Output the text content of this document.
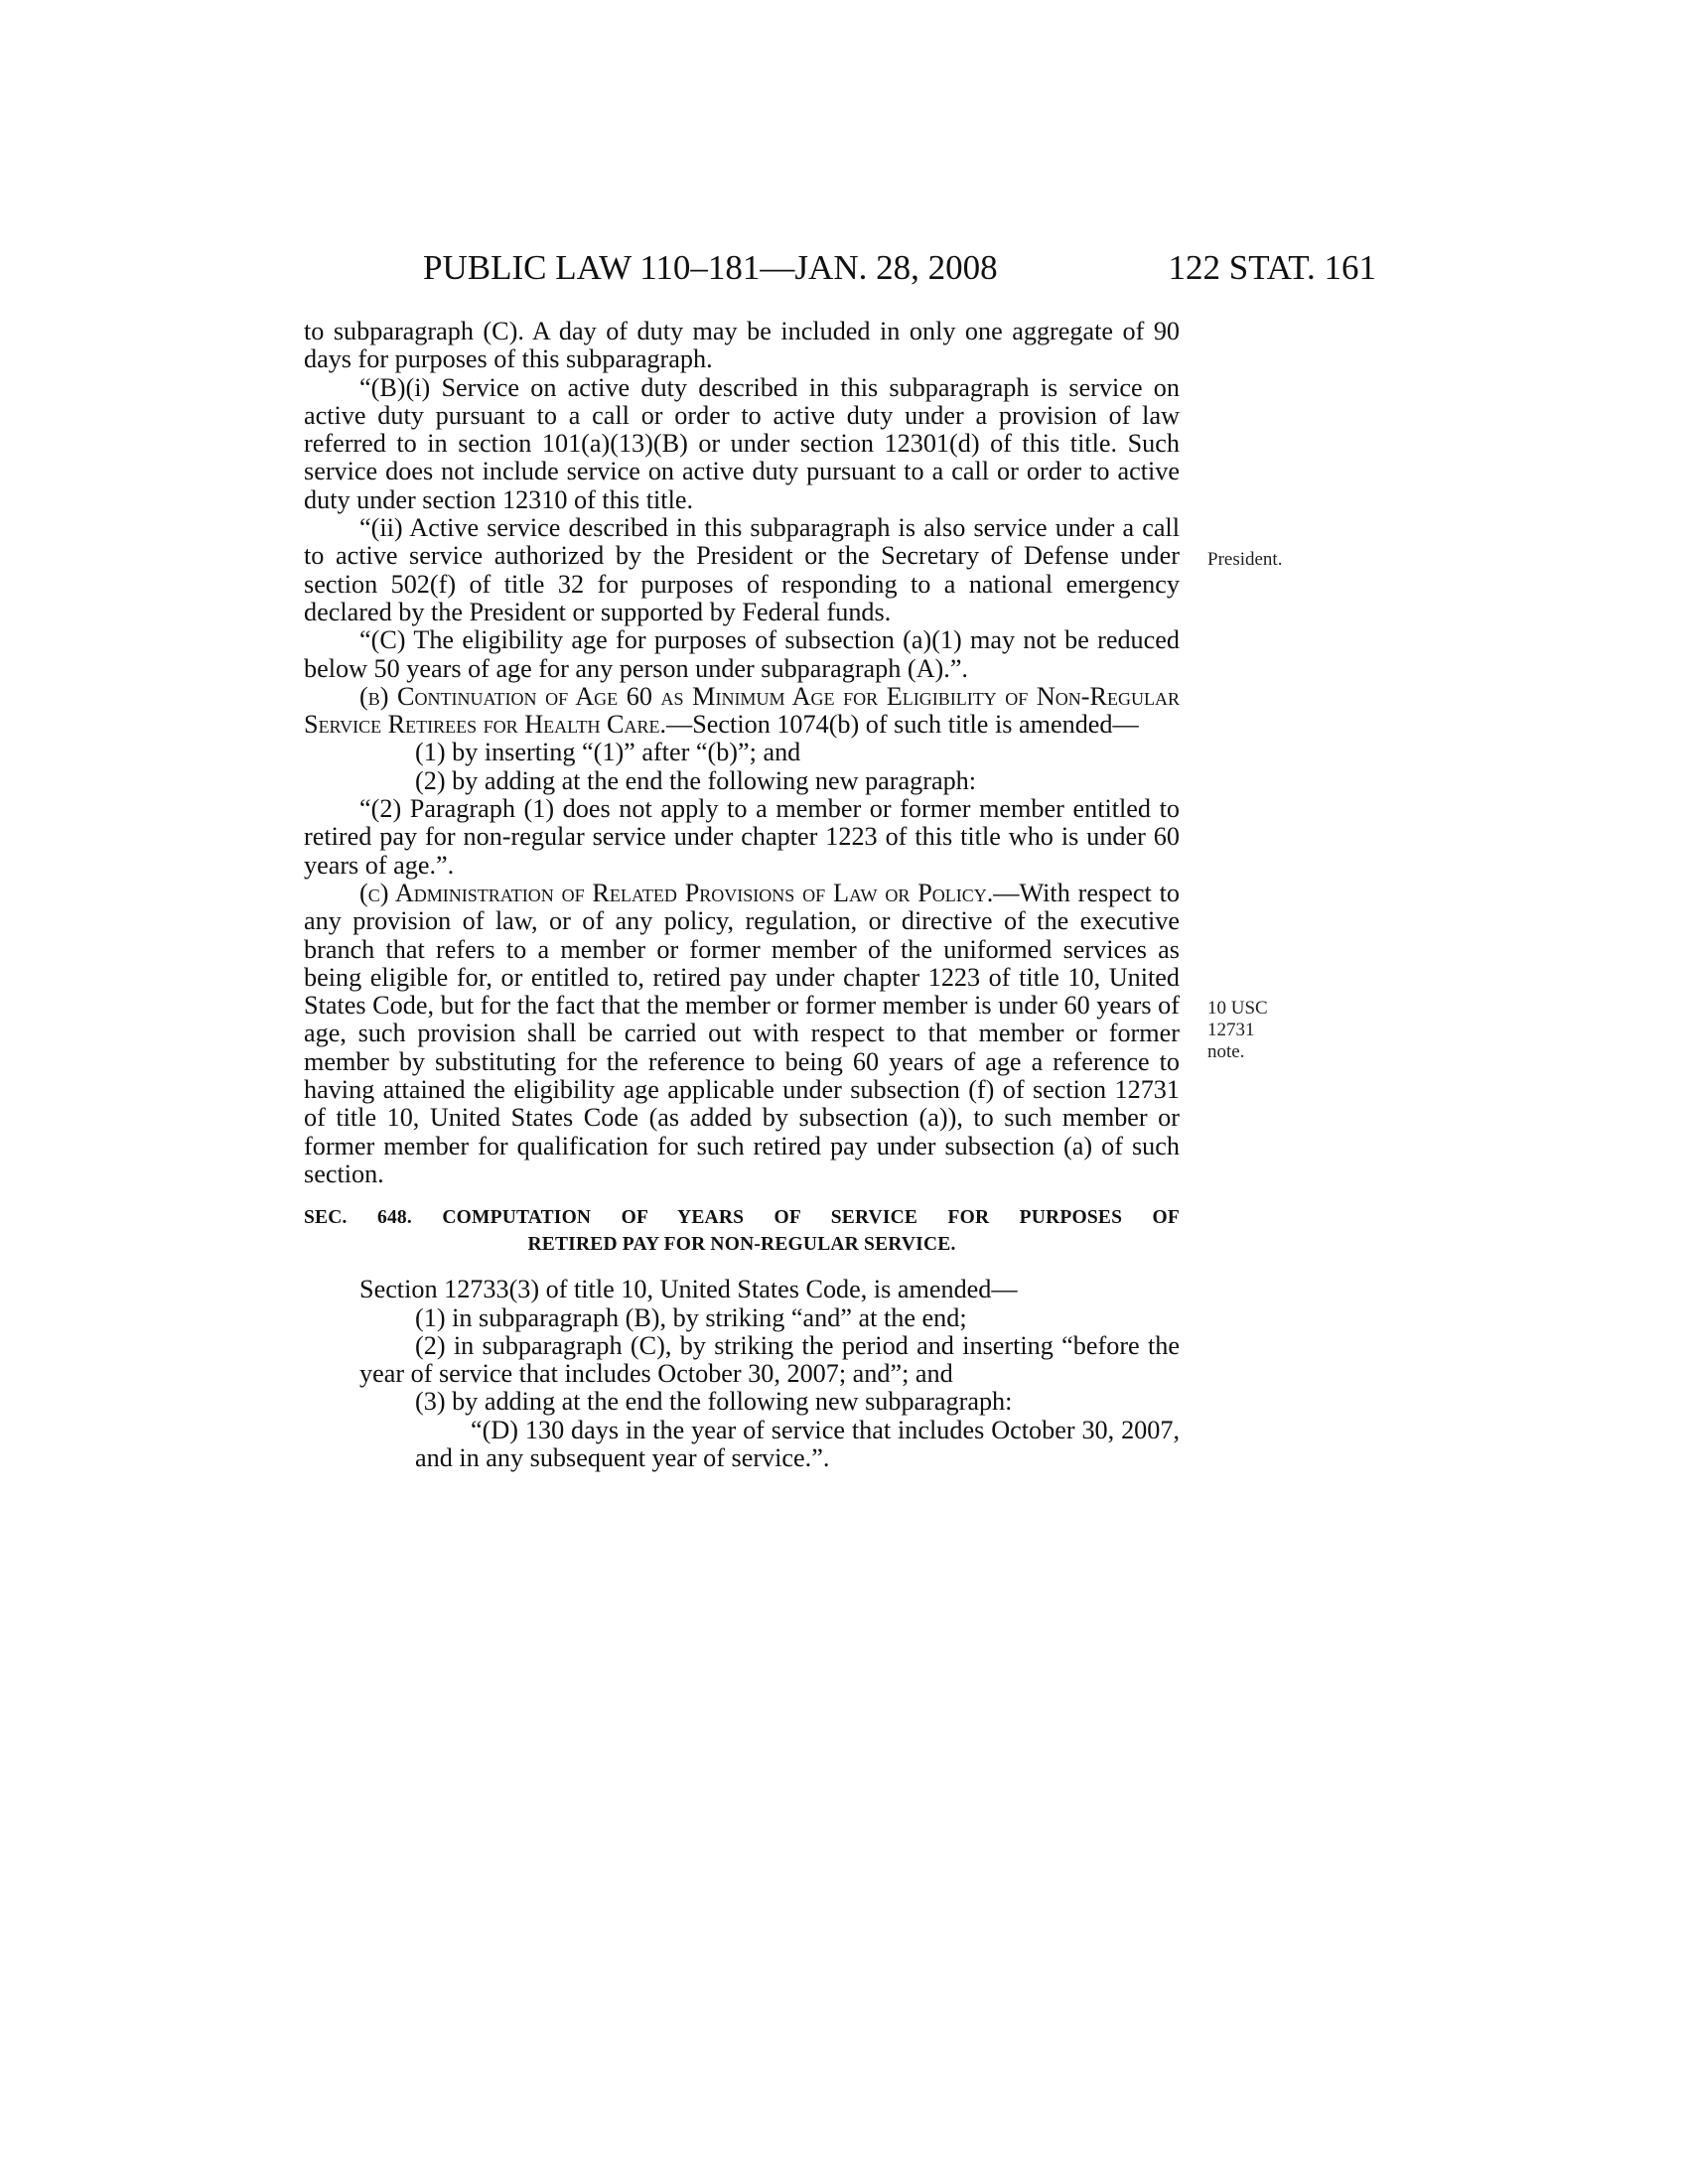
PUBLIC LAW 110–181—JAN. 28, 2008	122 STAT. 161
President.
10 USC 12731
note.

to subparagraph (C). A day of duty may be included in only one aggregate of 90 days for purposes of this subparagraph.

“(B)(i) Service on active duty described in this subparagraph is service on active duty pursuant to a call or order to active duty under a provision of law referred to in section 101(a)(13)(B) or under section 12301(d) of this title. Such service does not include service on active duty pursuant to a call or order to active duty under section 12310 of this title.

“(ii) Active service described in this subparagraph is also service under a call to active service authorized by the President or the Secretary of Defense under section 502(f) of title 32 for purposes of responding to a national emergency declared by the President or supported by Federal funds.

“(C) The eligibility age for purposes of subsection (a)(1) may not be reduced below 50 years of age for any person under subparagraph (A).”.

(b) Continuation of Age 60 as Minimum Age for Eligibility of Non-Regular Service Retirees for Health Care.—Section 1074(b) of such title is amended—

(1) by inserting “(1)” after “(b)”; and

(2) by adding at the end the following new paragraph:

“(2) Paragraph (1) does not apply to a member or former member entitled to retired pay for non-regular service under chapter 1223 of this title who is under 60 years of age.”.

(c) Administration of Related Provisions of Law or Policy.—With respect to any provision of law, or of any policy, regulation, or directive of the executive branch that refers to a member or former member of the uniformed services as being eligible for, or entitled to, retired pay under chapter 1223 of title 10, United States Code, but for the fact that the member or former member is under 60 years of age, such provision shall be carried out with respect to that member or former member by substituting for the reference to being 60 years of age a reference to having attained the eligibility age applicable under subsection (f) of section 12731 of title 10, United States Code (as added by subsection (a)), to such member or former member for qualification for such retired pay under subsection (a) of such section.

SEC. 648. COMPUTATION OF YEARS OF SERVICE FOR PURPOSES OF
RETIRED PAY FOR NON-REGULAR SERVICE.

Section 12733(3) of title 10, United States Code, is amended—

(1) in subparagraph (B), by striking “and” at the end;

(2) in subparagraph (C), by striking the period and inserting “before the year of service that includes October 30, 2007; and”; and

(3) by adding at the end the following new subparagraph:

“(D) 130 days in the year of service that includes October 30, 2007, and in any subsequent year of service.”.
